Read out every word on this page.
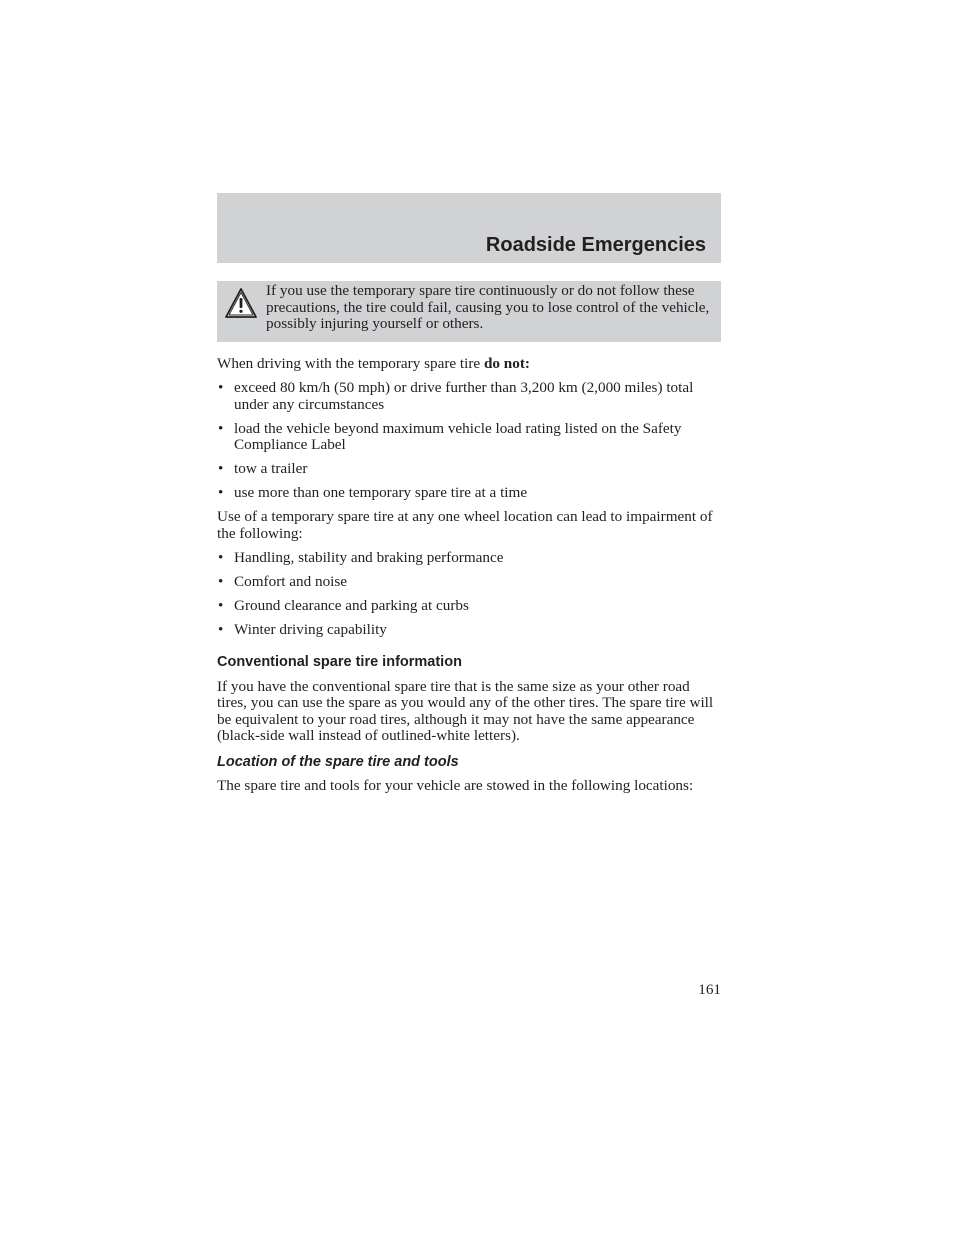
Roadside Emergencies

If you use the temporary spare tire continuously or do not follow these precautions, the tire could fail, causing you to lose control of the vehicle, possibly injuring yourself or others.

When driving with the temporary spare tire do not:

• exceed 80 km/h (50 mph) or drive further than 3,200 km (2,000 miles) total under any circumstances
• load the vehicle beyond maximum vehicle load rating listed on the Safety Compliance Label
• tow a trailer
• use more than one temporary spare tire at a time

Use of a temporary spare tire at any one wheel location can lead to impairment of the following:

• Handling, stability and braking performance
• Comfort and noise
• Ground clearance and parking at curbs
• Winter driving capability

Conventional spare tire information

If you have the conventional spare tire that is the same size as your other road tires, you can use the spare as you would any of the other tires. The spare tire will be equivalent to your road tires, although it may not have the same appearance (black-side wall instead of outlined-white letters).

Location of the spare tire and tools

The spare tire and tools for your vehicle are stowed in the following locations:

161
